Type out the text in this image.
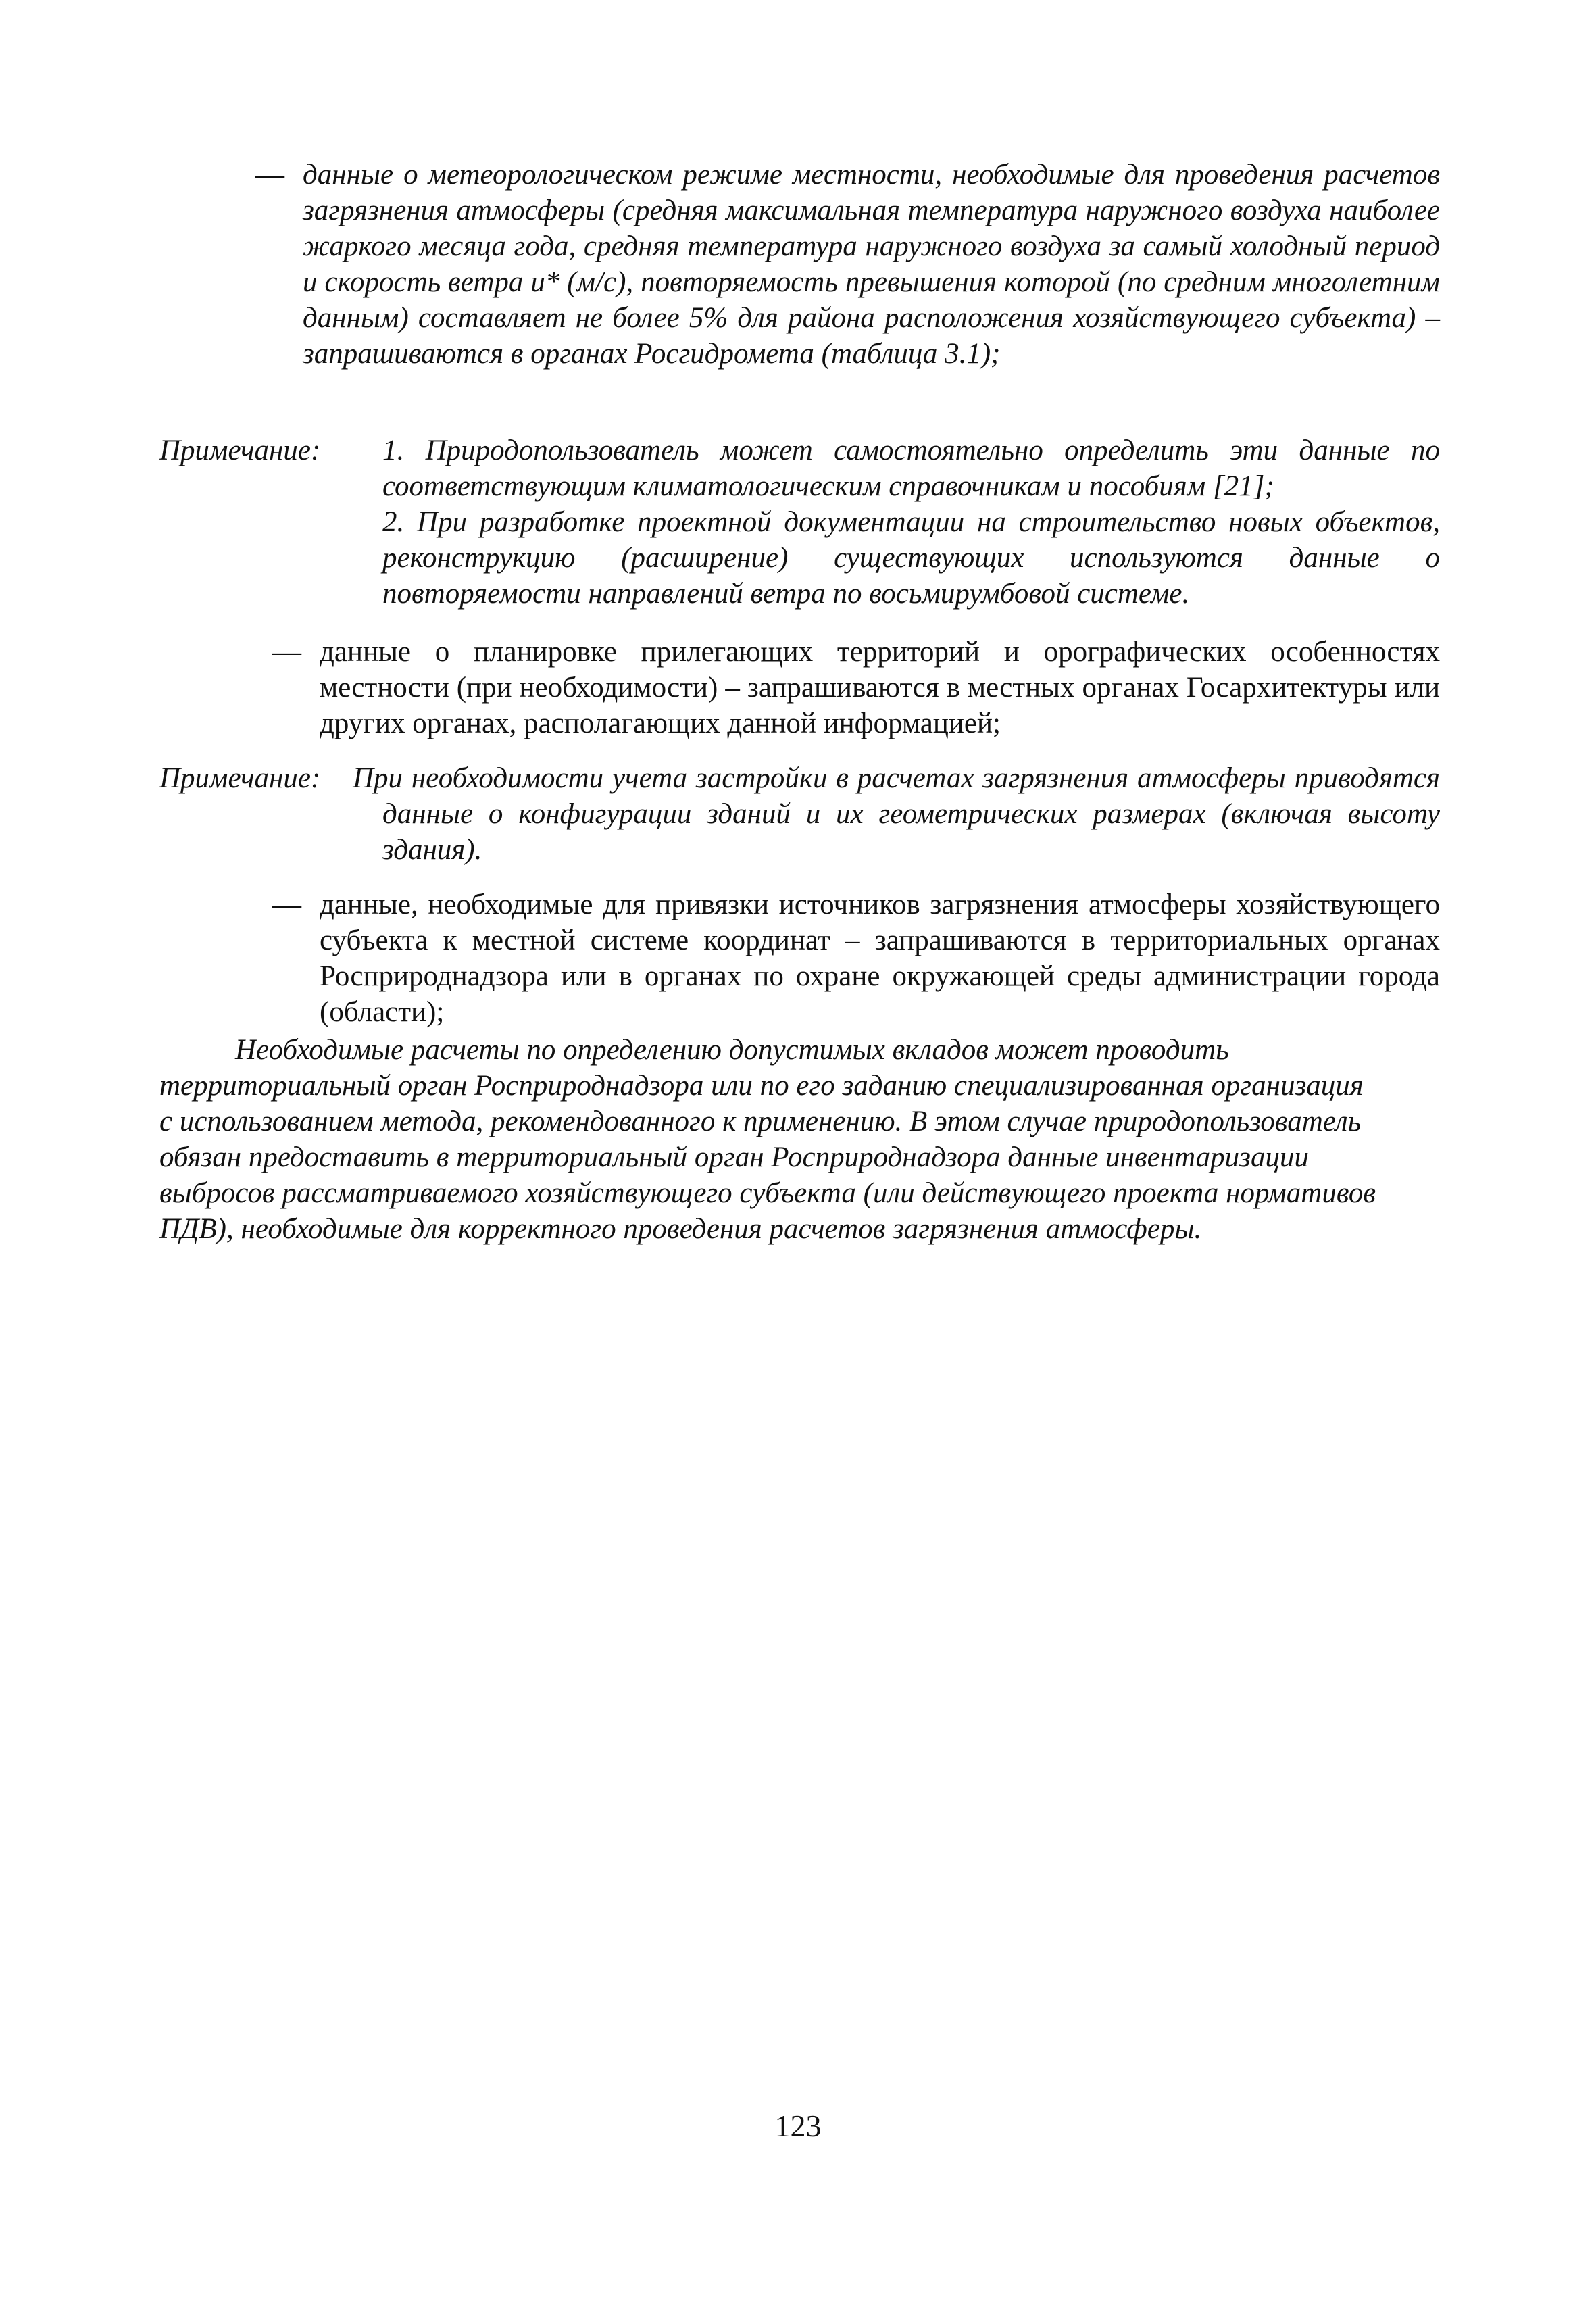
— данные о метеорологическом режиме местности, необходимые для проведения расчетов загрязнения атмосферы (средняя максимальная температура наружного воздуха наиболее жаркого месяца года, средняя температура наружного воздуха за самый холодный период и скорость ветра u* (м/с), повторяемость превышения которой (по средним многолетним данным) составляет не более 5% для района расположения хозяйствующего субъекта) – запрашиваются в органах Росгидромета (таблица 3.1);
Примечание: 1. Природопользователь может самостоятельно определить эти данные по соответствующим климатологическим справочникам и пособиям [21];
2. При разработке проектной документации на строительство новых объектов, реконструкцию (расширение) существующих используются данные о повторяемости направлений ветра по восьмирумбовой системе.
— данные о планировке прилегающих территорий и орографических особенностях местности (при необходимости) – запрашиваются в местных органах Госархитектуры или других органах, располагающих данной информацией;
Примечание: При необходимости учета застройки в расчетах загрязнения атмосферы приводятся данные о конфигурации зданий и их геометрических размерах (включая высоту здания).
— данные, необходимые для привязки источников загрязнения атмосферы хозяйствующего субъекта к местной системе координат – запрашиваются в территориальных органах Росприроднадзора или в органах по охране окружающей среды администрации города (области);
Необходимые расчеты по определению допустимых вкладов может проводить территориальный орган Росприроднадзора или по его заданию специализированная организация с использованием метода, рекомендованного к применению. В этом случае природопользователь обязан предоставить в территориальный орган Росприроднадзора данные инвентаризации выбросов рассматриваемого хозяйствующего субъекта (или действующего проекта нормативов ПДВ), необходимые для корректного проведения расчетов загрязнения атмосферы.
123
